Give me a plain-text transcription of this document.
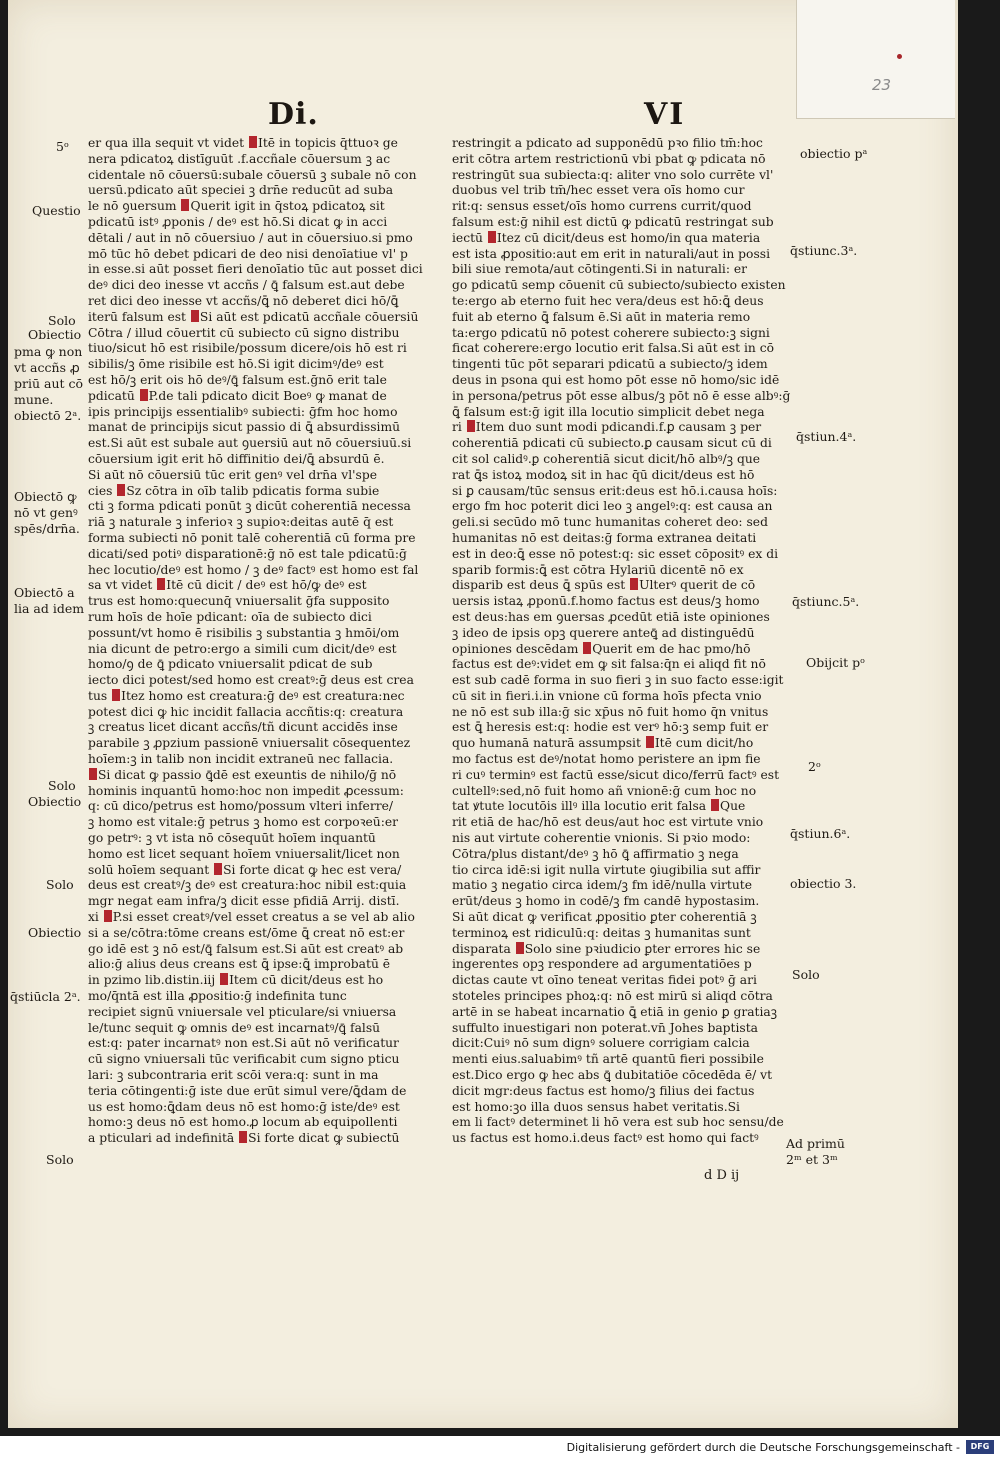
23
Di.	VI
er qua illa sequit vt videt Itē in topicis q̄ttuoꝛ ge
nera pdicatoꝝ distīguūt .f.accñale cōuersum ꝫ ac
cidentale nō cōuersū:subale cōuersū ꝫ subale nō con
uersū.pdicato aūt speciei ꝫ drn̄e reducūt ad suba
le nō ꝯuersum Querit igit in q̄stoꝝ pdicatoꝝ sit
pdicatū istꝰ ꝓponis / deꝰ est hō.Si dicat ꝙ in acci
dētali / aut in nō cōuersiuo / aut in cōuersiuo.si pmo
mō tūc hō debet pdicari de deo nisi denoīatiue vl' p
in esse.si aūt posset fieri denoīatio tūc aut posset dici
deꝰ dici deo inesse vt accñs / ꝗ̄ falsum est.aut debe
ret dici deo inesse vt accñs/ꝗ̄ nō deberet dici hō/ꝗ̄
iterū falsum est Si aūt est pdicatū accñale cōuersiū
Cōtra / illud cōuertit cū subiecto cū signo distribu
tiuo/sicut hō est risibile/possum dicere/ois hō est ri
sibilis/ꝫ ōme risibile est hō.Si igit dicimꝰ/deꝰ est
est hō/ꝫ erit ois hō deꝰ/ꝗ̄ falsum est.ḡnō erit tale
pdicatū P.de tali pdicato dicit Boeꝰ ꝙ manat de
ipis principijs essentialibꝰ subiecti: ḡfm hoc homo
manat de principijs sicut passio di ꝗ̄ absurdissimū
est.Si aūt est subale aut ꝯuersiū aut nō cōuersiuū.si
cōuersium igit erit hō diffinitio dei/ꝗ̄ absurdū ē.
Si aūt nō cōuersiū tūc erit genꝰ vel drn̄a vl'spe
cies Sz cōtra in oīb talib pdicatis forma subie
cti ꝫ forma pdicati ponūt ꝫ dicūt coherentiā necessa
riā ꝫ naturale ꝫ inferioꝛ ꝫ supioꝛ:deitas autē q̄ est
forma subiecti nō ponit talē coherentiā cū forma pre
dicati/sed potiꝰ disparationē:ḡ nō est tale pdicatū:ḡ
hec locutio/deꝰ est homo / ꝫ deꝰ factꝰ est homo est fal
sa vt videt Itē cū dicit / deꝰ est hō/ꝙ deꝰ est
trus est homo:quecunq̄ vniuersalit ḡfa supposito
rum hoīs de hoīe pdicant: oīa de subiecto dici
possunt/vt homo ē risibilis ꝫ substantia ꝫ hmōi/om
nia dicunt de petro:ergo a simili cum dicit/deꝰ est
homo/ꝯ de ꝗ̄ pdicato vniuersalit pdicat de sub
iecto dici potest/sed homo est creatꝰ:ḡ deus est crea
tus Itez homo est creatura:ḡ deꝰ est creatura:nec
potest dici ꝙ hic incidit fallacia accñtis:q: creatura
ꝫ creatus licet dicant accñs/tñ dicunt accidēs inse
parabile ꝫ ꝓpzium passionē vniuersalit cōsequentez
hoīem:ꝫ in talib non incidit extraneū nec fallacia.
Si dicat ꝙ passio ꝗ̄dē est exeuntis de nihilo/ḡ nō
hominis inquantū homo:hoc non impedit ꝓcessum:
q: cū dico/petrus est homo/possum vlteri inferre/
ꝫ homo est vitale:ḡ petrus ꝫ homo est corpoꝛeū:er
go petrꝰ: ꝫ vt ista nō cōsequūt hoīem inquantū
homo est licet sequant hoīem vniuersalit/licet non
solū hoīem sequant Si forte dicat ꝙ hec est vera/
deus est creatꝰ/ꝫ deꝰ est creatura:hoc nibil est:quia
mgr negat eam infra/ꝫ dicit esse pfidiā Arrij. distī.
xi P.si esset creatꝰ/vel esset creatus a se vel ab alio
si a se/cōtra:tōme creans est/ōme ꝗ̄ creat nō est:er
go idē est ꝫ nō est/ꝗ̄ falsum est.Si aūt est creatꝰ ab
alio:ḡ alius deus creans est ꝗ̄ ipse:ꝗ̄ improbatū ē
in pzimo lib.distin.iij Item cū dicit/deus est ho
mo/q̄ntā est illa ꝓpositio:ḡ indefinita tunc
recipiet signū vniuersale vel pticulare/si vniuersa
le/tunc sequit ꝙ omnis deꝰ est incarnatꝰ/ꝗ̄ falsū
est:q: pater incarnatꝰ non est.Si aūt nō verificatur
cū signo vniuersali tūc verificabit cum signo pticu
lari: ꝫ subcontraria erit scōi vera:q: sunt in ma
teria cōtingenti:ḡ iste due erūt simul vere/ꝗ̄dam de
us est homo:ꝗ̄dam deus nō est homo:ḡ iste/deꝰ est
homo:ꝫ deus nō est homo.ꝓ locum ab equipollenti
a pticulari ad indefinitā Si forte dicat ꝙ subiectū
restringit a pdicato ad supponēdū pꝛo filio tm̄:hoc
erit cōtra artem restrictionū vbi pbat ꝙ pdicata nō
restringūt sua subiecta:q: aliter vno solo currēte vl'
duobus vel trib tm̄/hec esset vera oīs homo cur
rit:q: sensus esset/oīs homo currens currit/quod
falsum est:ḡ nihil est dictū ꝙ pdicatū restringat sub
iectū Itez cū dicit/deus est homo/in qua materia
est ista ꝓpositio:aut em erit in naturali/aut in possi
bili siue remota/aut cōtingenti.Si in naturali: er
go pdicatū semp cōuenit cū subiecto/subiecto existen
te:ergo ab eterno fuit hec vera/deus est hō:ꝗ̄ deus
fuit ab eterno ꝗ̄ falsum ē.Si aūt in materia remo
ta:ergo pdicatū nō potest coherere subiecto:ꝫ signi
ficat coherere:ergo locutio erit falsa.Si aūt est in cō
tingenti tūc pōt separari pdicatū a subiecto/ꝫ idem
deus in psona qui est homo pōt esse nō homo/sic idē
in persona/petrus pōt esse albus/ꝫ pōt nō ē esse albꝰ:ḡ
ꝗ̄ falsum est:ḡ igit illa locutio simplicit debet nega
ri Item duo sunt modi pdicandi.f.ꝑ causam ꝫ per
coherentiā pdicati cū subiecto.ꝑ causam sicut cū di
cit sol calidꝰ.ꝑ coherentiā sicut dicit/hō albꝰ/ꝫ que
rat ꝗ̄s istoꝝ modoꝝ sit in hac q̄ū dicit/deus est hō
si ꝑ causam/tūc sensus erit:deus est hō.i.causa hoīs:
ergo fm hoc poterit dici leo ꝫ angelꝰ:q: est causa an
geli.si secūdo mō tunc humanitas coheret deo: sed
humanitas nō est deitas:ḡ forma extranea deitati
est in deo:ꝗ̄ esse nō potest:q: sic esset cōpositꝰ ex di
sparib formis:ꝗ̄ est cōtra Hylariū dicentē nō ex
disparib est deus ꝗ̄ spūs est Ulterꝰ querit de cō
uersis istaꝝ ꝓponū.f.homo factus est deus/ꝫ homo
est deus:has em ꝯuersas ꝓcedūt etiā iste opiniones
ꝫ ideo de ipsis opꝫ querere anteꝗ̄ ad distinguēdū
opiniones descēdam Querit em de hac pmo/hō
factus est deꝰ:videt em ꝙ sit falsa:q̄n ei aliqd fit nō
est sub cadē forma in suo fieri ꝫ in suo facto esse:igit
cū sit in fieri.i.in vnione cū forma hoīs pfecta vnio
ne nō est sub illa:ḡ sic xp̄us nō fuit homo q̄n vnitus
est ꝗ̄ heresis est:q: hodie est verꝰ hō:ꝫ semp fuit er
quo humanā naturā assumpsit Itē cum dicit/ho
mo factus est deꝰ/notat homo peristere an ipm fie
ri cuꝰ terminꝰ est factū esse/sicut dico/ferrū factꝰ est
cultellꝰ:sed,nō fuit homo añ vnionē:ḡ cum hoc no
tat ꝟtute locutōis illꝰ illa locutio erit falsa Que
rit etiā de hac/hō est deus/aut hoc est virtute vnio
nis aut virtute coherentie vnionis. Si pꝛio modo:
Cōtra/plus distant/deꝰ ꝫ hō ꝗ̄ affirmatio ꝫ nega
tio circa idē:si igit nulla virtute ꝯiugibilia sut affir
matio ꝫ negatio circa idem/ꝫ fm idē/nulla virtute
erūt/deus ꝫ homo in codē/ꝫ fm candē hypostasim.
Si aūt dicat ꝙ verificat ꝓpositio ꝑter coherentiā ꝫ
terminoꝝ est ridiculū:q: deitas ꝫ humanitas sunt
disparata Solo sine pꝛiudicio ꝑter errores hic se
ingerentes opꝫ respondere ad argumentatiōes p
dictas caute vt oīno teneat veritas fidei potꝰ ḡ ari
stoteles principes phoꝝ:q: nō est mirū si aliqd cōtra
artē in se habeat incarnatio ꝗ̄ etiā in genio ꝑ gratiaꝫ
suffulto inuestigari non poterat.vn̄ Johes baptista
dicit:Cuiꝰ nō sum dignꝰ soluere corrigiam calcia
menti eius.saluabimꝰ tñ artē quantū fieri possibile
est.Dico ergo ꝙ hec abs ꝗ̄ dubitatiōe cōcedēda ē/ vt
dicit mgr:deus factus est homo/ꝫ filius dei factus
est homo:ꝫo illa duos sensus habet veritatis.Si
em li factꝰ determinet li hō vera est sub hoc sensu/de
us factus est homo.i.deus factꝰ est homo qui factꝰ
5ᵒ
Questio
Solo
Obiectio
pma ꝙ non
vt accñs ꝓ
priū aut cō
mune.
obiectō 2ᵃ.
Obiectō ꝙ
nō vt genꝰ
spēs/drn̄a.
Obiectō a
lia ad idem
Solo
Obiectio
Solo
Obiectio
q̄stiūcla 2ᵃ.
Solo
obiectio pᵃ
q̄stiunc.3ᵃ.
q̄stiun.4ᵃ.
q̄stiunc.5ᵃ.
Obijcit pᵒ
2ᵒ
q̄stiun.6ᵃ.
obiectio 3.
Solo
Ad primū
2ᵐ et 3ᵐ
d D ij
Digitalisierung gefördert durch die Deutsche Forschungsgemeinschaft -	DFG
